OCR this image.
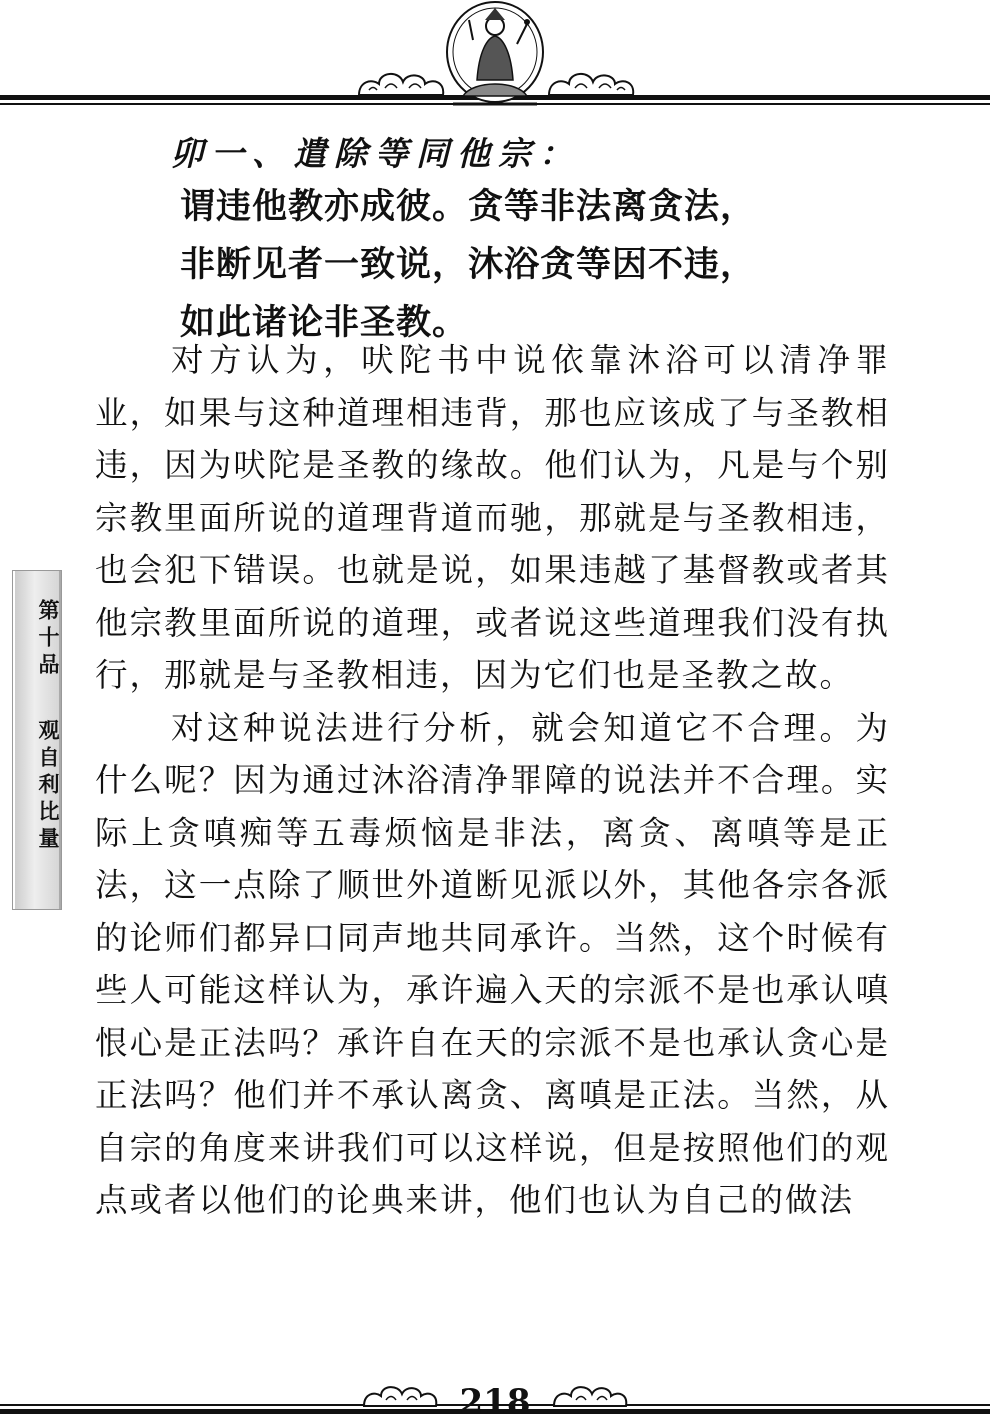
卯一、遣除等同他宗：
谓违他教亦成彼。贪等非法离贪法，
非断见者一致说，沐浴贪等因不违，
如此诸论非圣教。

对方认为，吠陀书中说依靠沐浴可以清净罪业，如果与这种道理相违背，那也应该成了与圣教相违，因为吠陀是圣教的缘故。他们认为，凡是与个别宗教里面所说的道理背道而驰，那就是与圣教相违，也会犯下错误。也就是说，如果违越了基督教或者其他宗教里面所说的道理，或者说这些道理我们没有执行，那就是与圣教相违，因为它们也是圣教之故。

对这种说法进行分析，就会知道它不合理。为什么呢？因为通过沐浴清净罪障的说法并不合理。实际上贪嗔痴等五毒烦恼是非法，离贪、离嗔等是正法，这一点除了顺世外道断见派以外，其他各宗各派的论师们都异口同声地共同承许。当然，这个时候有些人可能这样认为，承许遍入天的宗派不是也承认嗔恨心是正法吗？承许自在天的宗派不是也承认贪心是正法吗？他们并不承认离贪、离嗔是正法。当然，从自宗的角度来讲我们可以这样说，但是按照他们的观点或者以他们的论典来讲，他们也认为自己的做法

第十品
观自利比量
218
